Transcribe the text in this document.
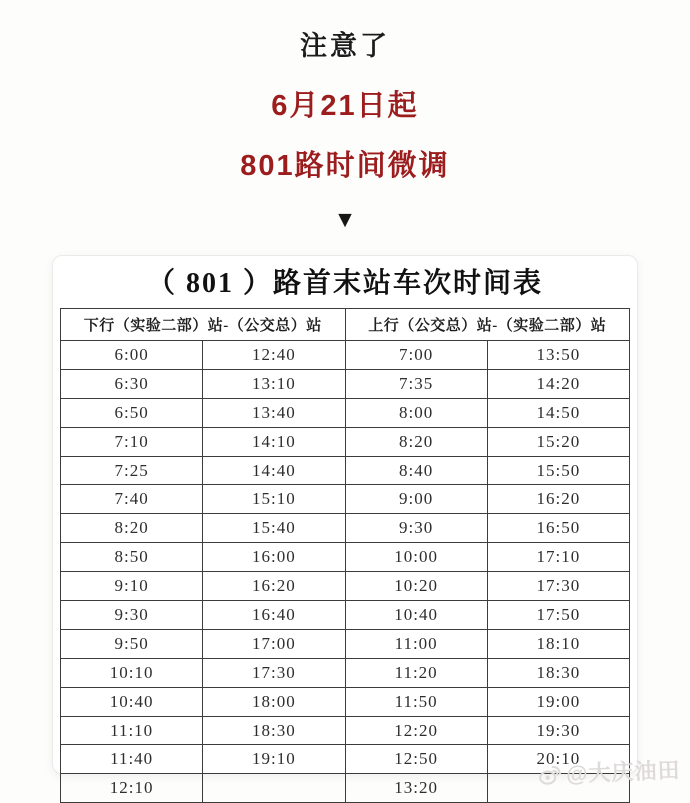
注意了
6月21日起
801路时间微调
▼
（ 801 ）路首末站车次时间表
下行（实验二部）站-（公交总）站		上行（公交总）站-（实验二部）站	
6:00	12:40	7:00	13:50
6:30	13:10	7:35	14:20
6:50	13:40	8:00	14:50
7:10	14:10	8:20	15:20
7:25	14:40	8:40	15:50
7:40	15:10	9:00	16:20
8:20	15:40	9:30	16:50
8:50	16:00	10:00	17:10
9:10	16:20	10:20	17:30
9:30	16:40	10:40	17:50
9:50	17:00	11:00	18:10
10:10	17:30	11:20	18:30
10:40	18:00	11:50	19:00
11:10	18:30	12:20	19:30
11:40	19:10	12:50	20:10
12:10		13:20	
@大庆油田
